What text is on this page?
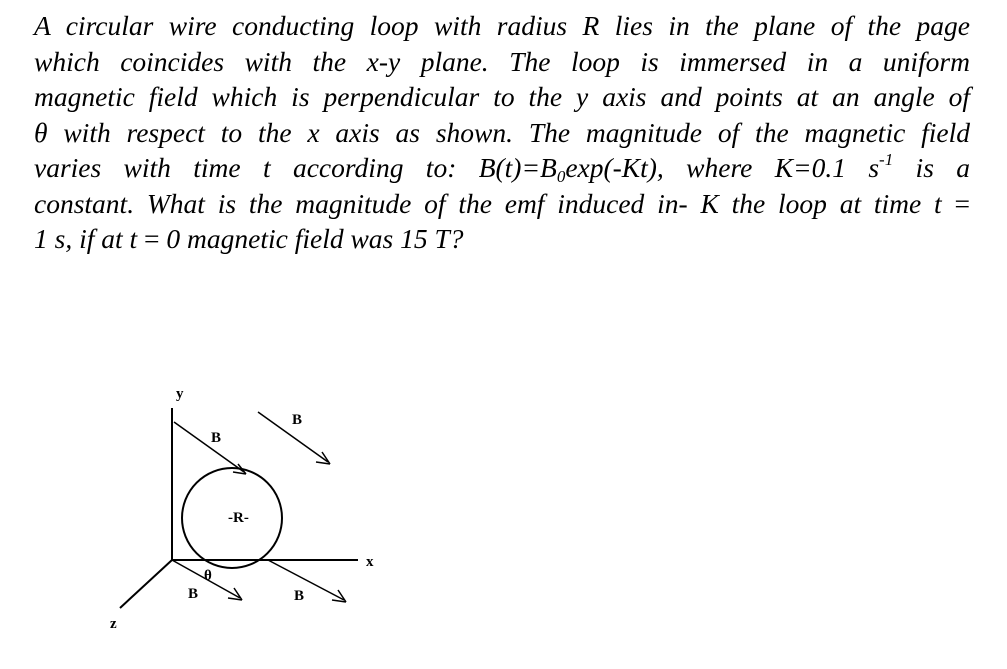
A circular wire conducting loop with radius R lies in the plane of the page
which coincides with the x-y plane. The loop is immersed in a uniform
magnetic field which is perpendicular to the y axis and points at an angle of
θ with respect to the x axis as shown. The magnitude of the magnetic field
varies with time t according to: $B(t)=B_0\exp(-Kt)$, where K=0.1 $s^{-1}$ is a
constant. What is the magnitude of the emf induced in- K the loop at time t =
1 s, if at t = 0 magnetic field was 15 T?
y
x
z
-R-
B
B
θ
B	B
